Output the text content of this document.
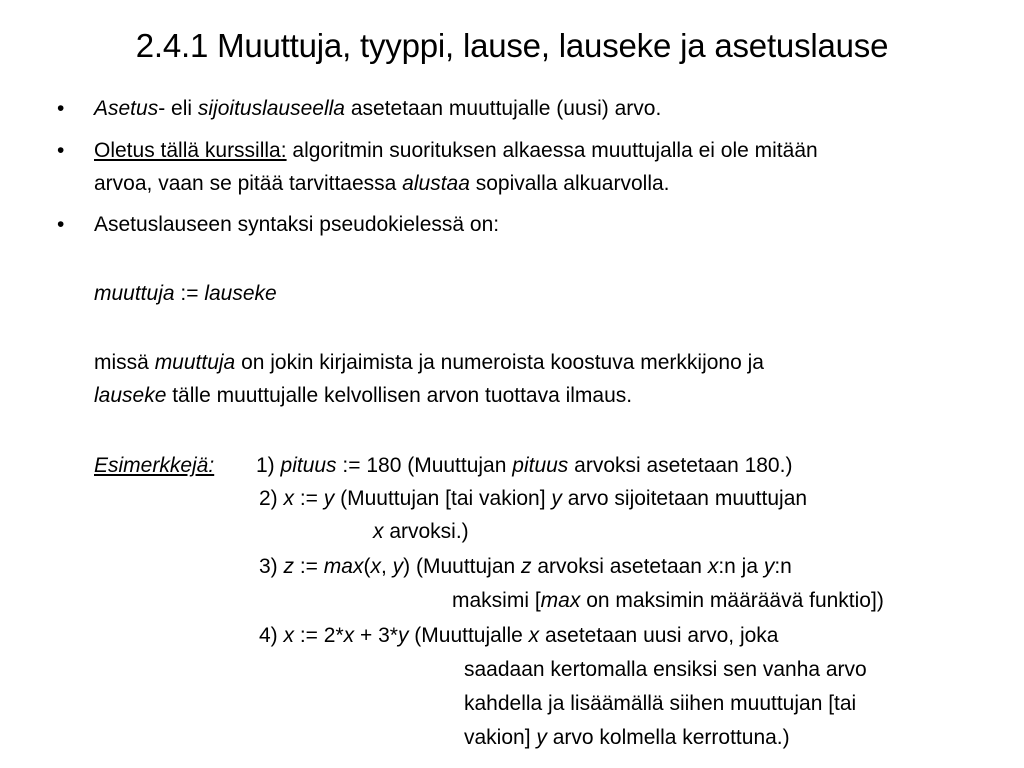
2.4.1 Muuttuja, tyyppi, lause, lauseke ja asetuslause
• Asetus- eli sijoituslauseella asetetaan muuttujalle (uusi) arvo.
• Oletus tällä kurssilla: algoritmin suorituksen alkaessa muuttujalla ei ole mitään
arvoa, vaan se pitää tarvittaessa alustaa sopivalla alkuarvolla.
• Asetuslauseen syntaksi pseudokielessä on:
muuttuja := lauseke
missä muuttuja on jokin kirjaimista ja numeroista koostuva merkkijono ja
lauseke tälle muuttujalle kelvollisen arvon tuottava ilmaus.
Esimerkkejä: 1) pituus := 180 (Muuttujan pituus arvoksi asetetaan 180.)
2) x := y (Muuttujan [tai vakion] y arvo sijoitetaan muuttujan
x arvoksi.)
3) z := max(x, y) (Muuttujan z arvoksi asetetaan x:n ja y:n
maksimi [max on maksimin määräävä funktio])
4) x := 2*x + 3*y (Muuttujalle x asetetaan uusi arvo, joka
saadaan kertomalla ensiksi sen vanha arvo
kahdella ja lisäämällä siihen muuttujan [tai
vakion] y arvo kolmella kerrottuna.)
